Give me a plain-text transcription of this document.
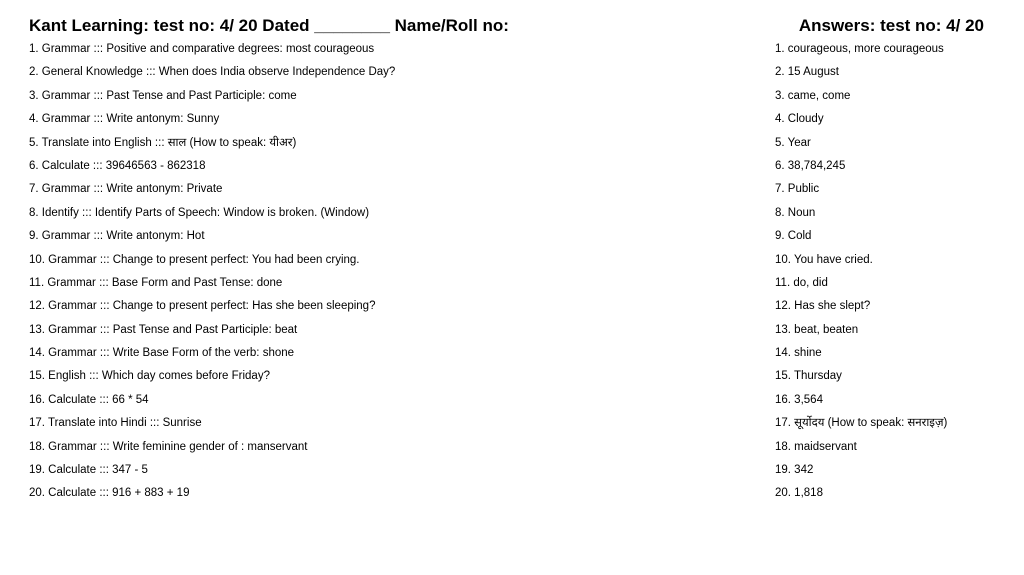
Kant Learning: test no: 4/ 20 Dated ________ Name/Roll no:	Answers: test no: 4/ 20
1. Grammar ::: Positive and comparative degrees: most courageous
2. General Knowledge ::: When does India observe Independence Day?
3. Grammar ::: Past Tense and Past Participle: come
4. Grammar ::: Write antonym: Sunny
5. Translate into English ::: साल (How to speak: यीअर)
6. Calculate ::: 39646563 - 862318
7. Grammar ::: Write antonym: Private
8. Identify ::: Identify Parts of Speech: Window is broken. (Window)
9. Grammar ::: Write antonym: Hot
10. Grammar ::: Change to present perfect: You had been crying.
11. Grammar ::: Base Form and Past Tense: done
12. Grammar ::: Change to present perfect: Has she been sleeping?
13. Grammar ::: Past Tense and Past Participle: beat
14. Grammar ::: Write Base Form of the verb: shone
15. English ::: Which day comes before Friday?
16. Calculate ::: 66 * 54
17. Translate into Hindi ::: Sunrise
18. Grammar ::: Write feminine gender of : manservant
19. Calculate ::: 347 - 5
20. Calculate ::: 916 + 883 + 19
1. courageous, more courageous
2. 15 August
3. came, come
4. Cloudy
5. Year
6. 38,784,245
7. Public
8. Noun
9. Cold
10. You have cried.
11. do, did
12. Has she slept?
13. beat, beaten
14. shine
15. Thursday
16. 3,564
17. सूर्योदय (How to speak: सनराइज़)
18. maidservant
19. 342
20. 1,818
